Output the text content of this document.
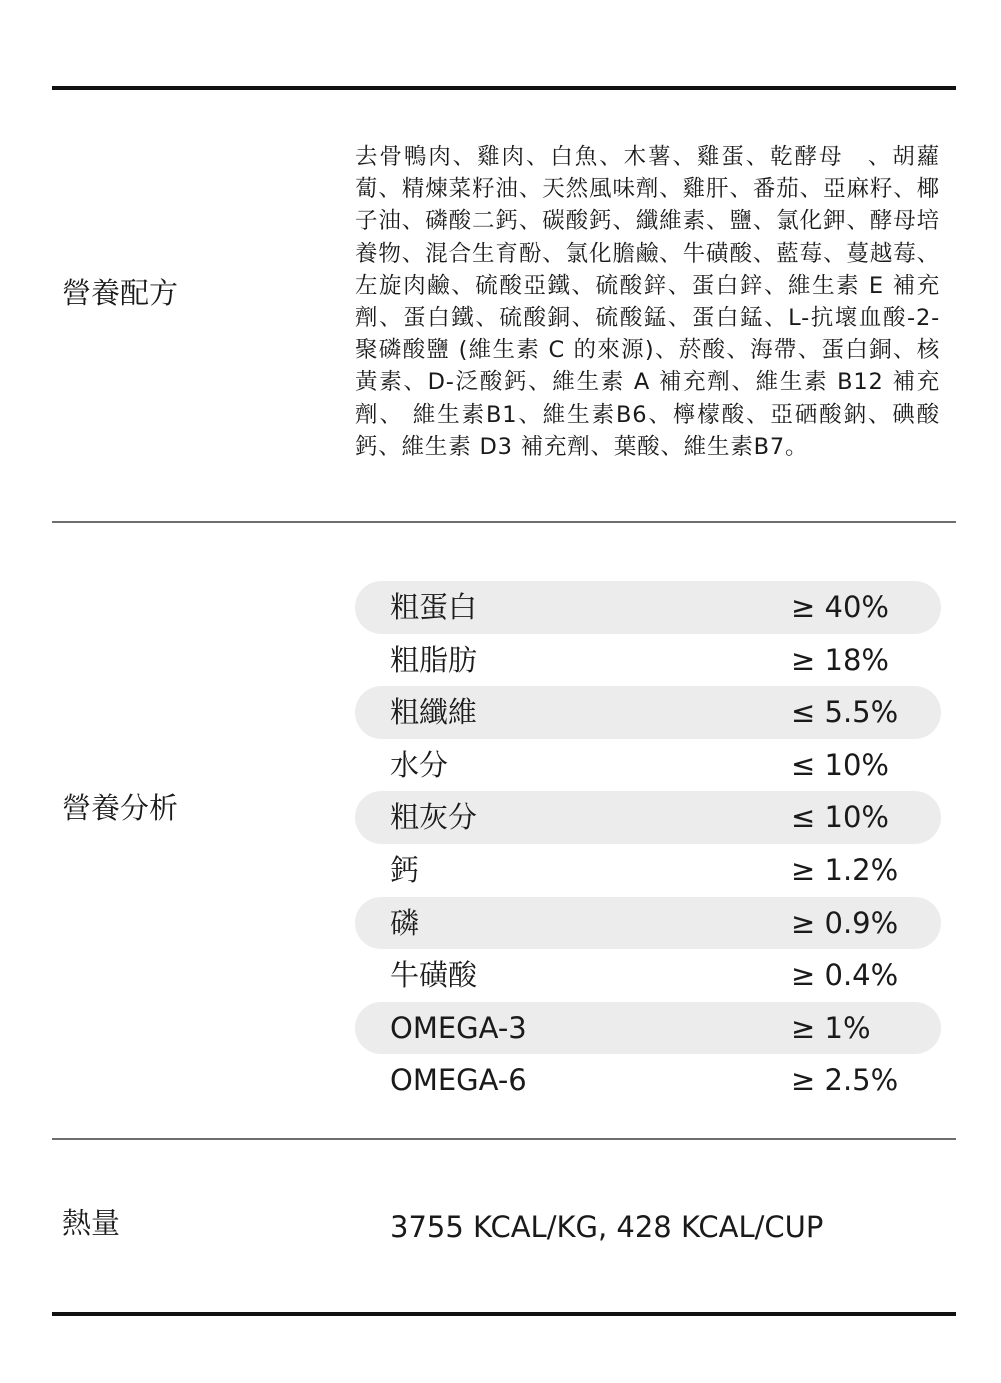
營養配方
去骨鴨肉、雞肉、白魚、木薯、雞蛋、乾酵母　、胡蘿蔔、精煉菜籽油、天然風味劑、雞肝、番茄、亞麻籽、椰子油、磷酸二鈣、碳酸鈣、纖維素、鹽、氯化鉀、酵母培養物、混合生育酚、氯化膽鹼、牛磺酸、藍莓、蔓越莓、左旋肉鹼、硫酸亞鐵、硫酸鋅、蛋白鋅、維生素 E 補充劑、蛋白鐵、硫酸銅、硫酸錳、蛋白錳、L-抗壞血酸-2-聚磷酸鹽 (維生素 C 的來源)、菸酸、海帶、蛋白銅、核黃素、D-泛酸鈣、維生素 A 補充劑、維生素 B12 補充劑、 維生素B1、維生素B6、檸檬酸、亞硒酸鈉、碘酸鈣、維生素 D3 補充劑、葉酸、維生素B7。
營養分析
粗蛋白	≥ 40%
粗脂肪	≥ 18%
粗纖維	≤ 5.5%
水分	≤ 10%
粗灰分	≤ 10%
鈣	≥ 1.2%
磷	≥ 0.9%
牛磺酸	≥ 0.4%
OMEGA-3	≥ 1%
OMEGA-6	≥ 2.5%
熱量	3755 KCAL/KG, 428 KCAL/CUP
